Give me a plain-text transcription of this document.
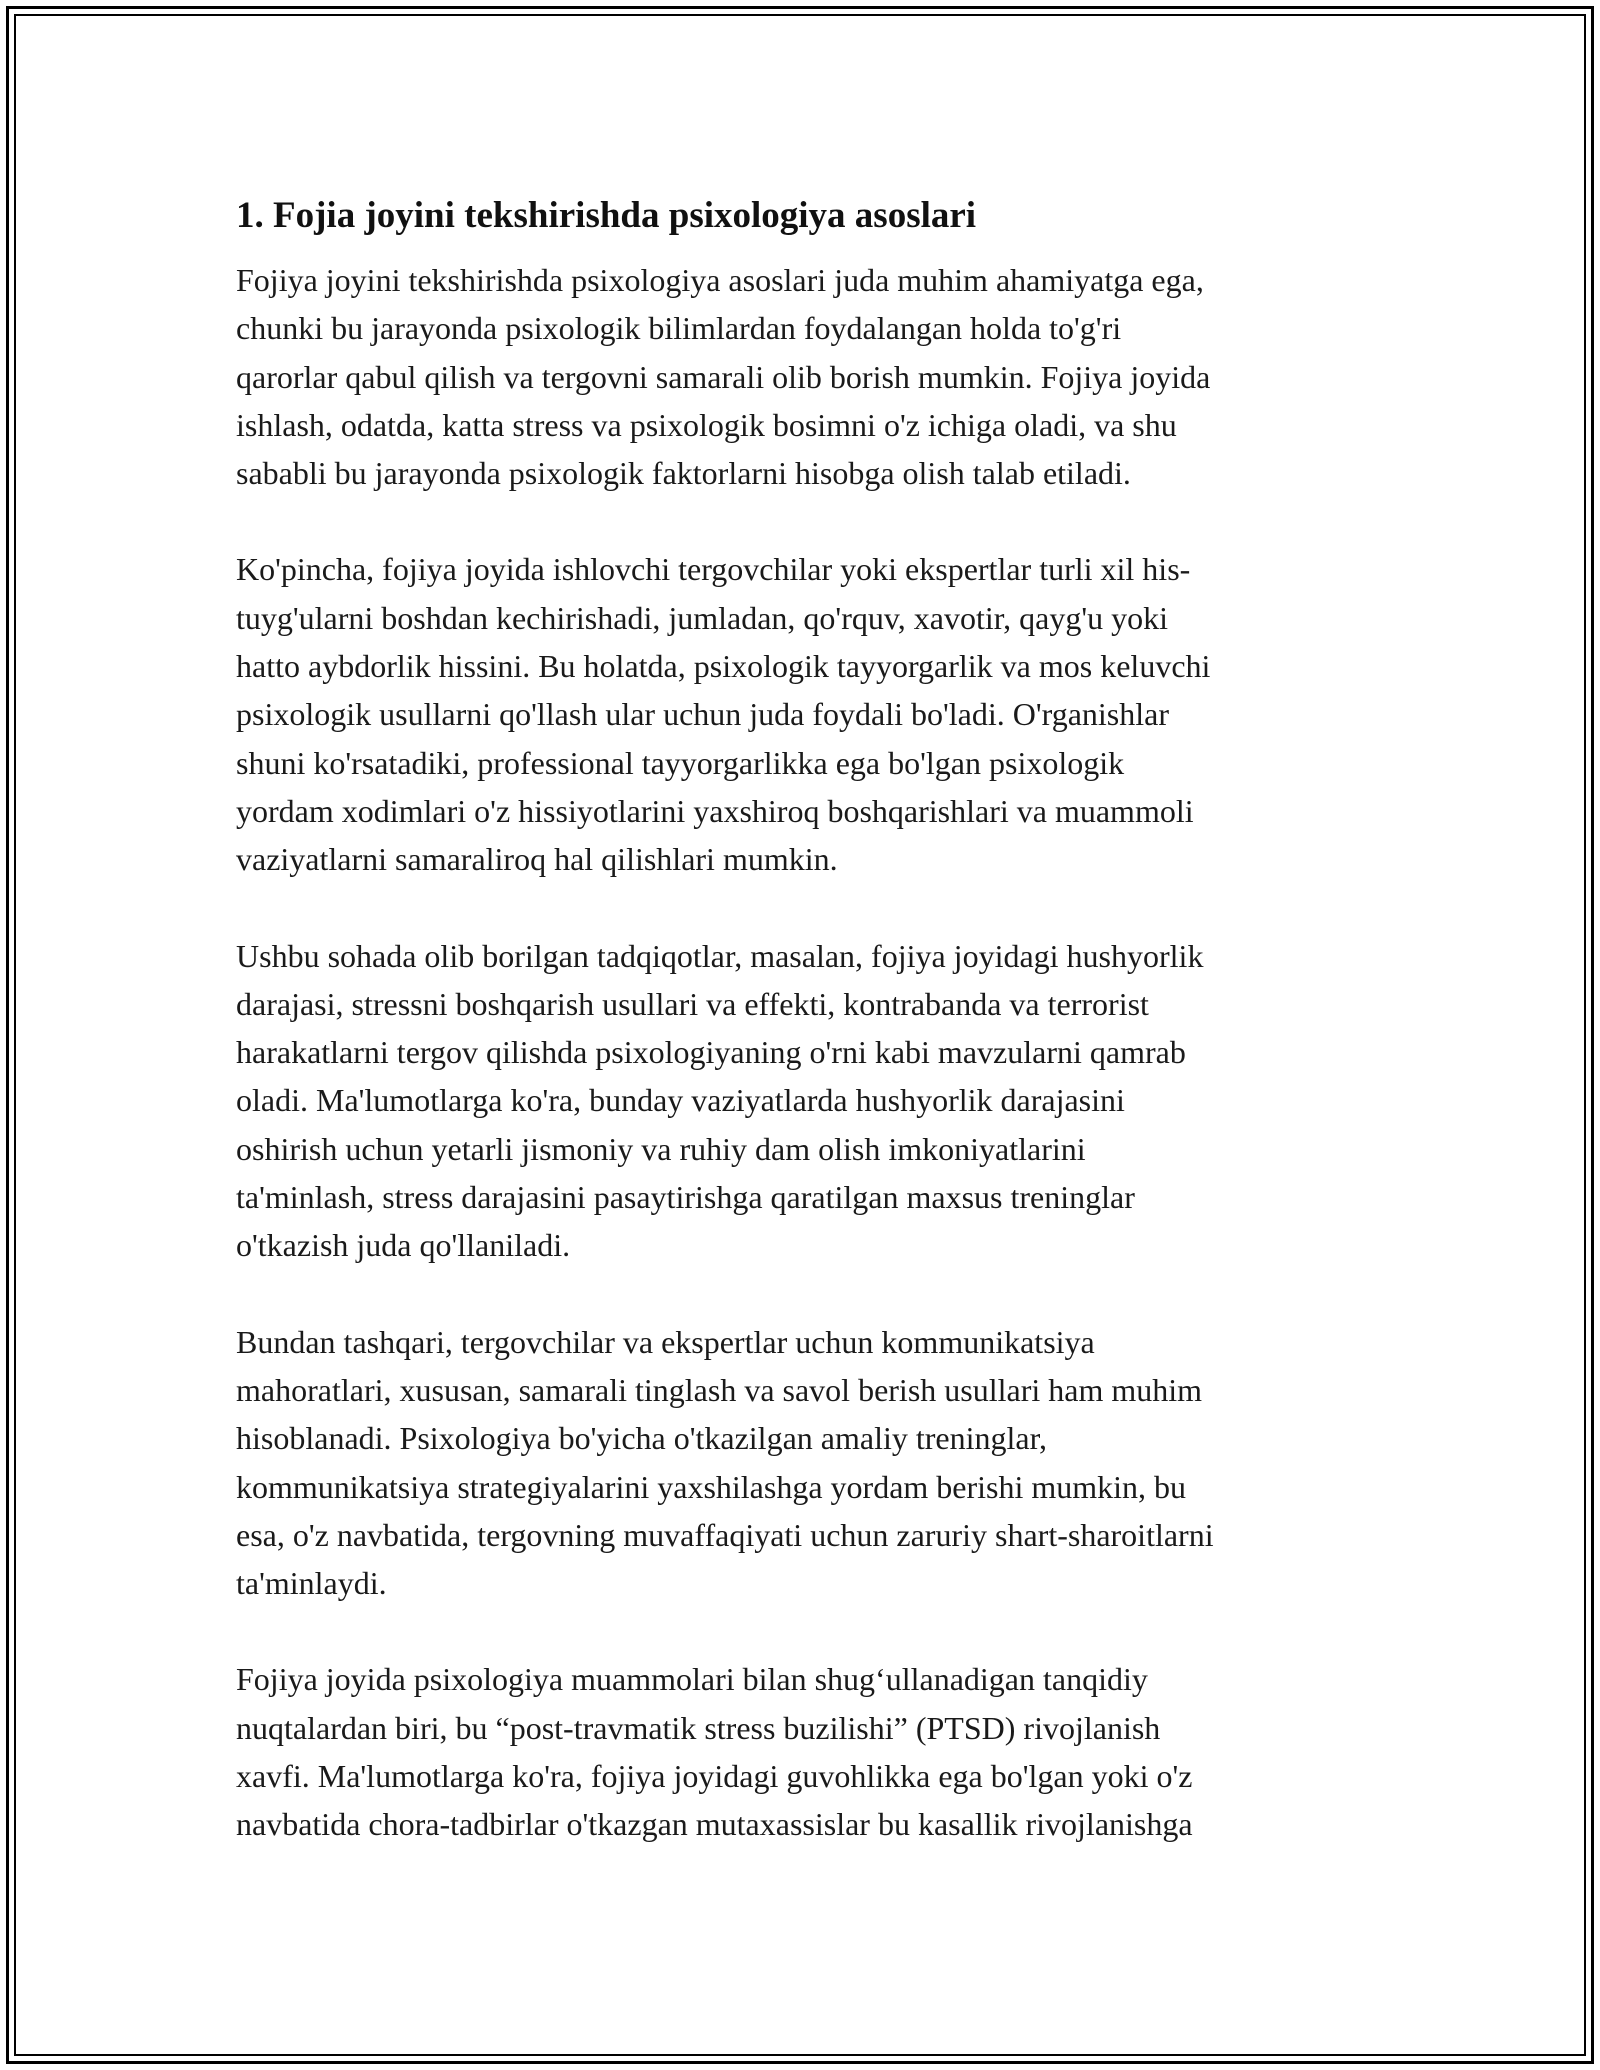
1. Fojia joyini tekshirishda psixologiya asoslari
Fojiya joyini tekshirishda psixologiya asoslari juda muhim ahamiyatga ega,
chunki bu jarayonda psixologik bilimlardan foydalangan holda to'g'ri
qarorlar qabul qilish va tergovni samarali olib borish mumkin. Fojiya joyida
ishlash, odatda, katta stress va psixologik bosimni o'z ichiga oladi, va shu
sababli bu jarayonda psixologik faktorlarni hisobga olish talab etiladi.
Ko'pincha, fojiya joyida ishlovchi tergovchilar yoki ekspertlar turli xil his-
tuyg'ularni boshdan kechirishadi, jumladan, qo'rquv, xavotir, qayg'u yoki
hatto aybdorlik hissini. Bu holatda, psixologik tayyorgarlik va mos keluvchi
psixologik usullarni qo'llash ular uchun juda foydali bo'ladi. O'rganishlar
shuni ko'rsatadiki, professional tayyorgarlikka ega bo'lgan psixologik
yordam xodimlari o'z hissiyotlarini yaxshiroq boshqarishlari va muammoli
vaziyatlarni samaraliroq hal qilishlari mumkin.
Ushbu sohada olib borilgan tadqiqotlar, masalan, fojiya joyidagi hushyorlik
darajasi, stressni boshqarish usullari va effekti, kontrabanda va terrorist
harakatlarni tergov qilishda psixologiyaning o'rni kabi mavzularni qamrab
oladi. Ma'lumotlarga ko'ra, bunday vaziyatlarda hushyorlik darajasini
oshirish uchun yetarli jismoniy va ruhiy dam olish imkoniyatlarini
ta'minlash, stress darajasini pasaytirishga qaratilgan maxsus treninglar
o'tkazish juda qo'llaniladi.
Bundan tashqari, tergovchilar va ekspertlar uchun kommunikatsiya
mahoratlari, xususan, samarali tinglash va savol berish usullari ham muhim
hisoblanadi. Psixologiya bo'yicha o'tkazilgan amaliy treninglar,
kommunikatsiya strategiyalarini yaxshilashga yordam berishi mumkin, bu
esa, o'z navbatida, tergovning muvaffaqiyati uchun zaruriy shart-sharoitlarni
ta'minlaydi.
Fojiya joyida psixologiya muammolari bilan shug‘ullanadigan tanqidiy
nuqtalardan biri, bu “post-travmatik stress buzilishi” (PTSD) rivojlanish
xavfi. Ma'lumotlarga ko'ra, fojiya joyidagi guvohlikka ega bo'lgan yoki o'z
navbatida chora-tadbirlar o'tkazgan mutaxassislar bu kasallik rivojlanishga
